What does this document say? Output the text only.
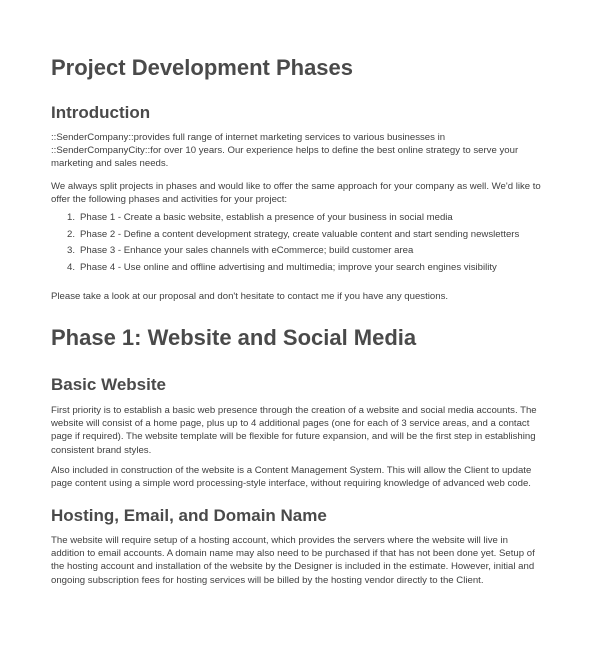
Project Development Phases
Introduction

::SenderCompany::provides full range of internet marketing services to various businesses in
::SenderCompanyCity::for over 10 years. Our experience helps to define the best online strategy to serve your
marketing and sales needs.

We always split projects in phases and would like to offer the same approach for your company as well. We'd like to
offer the following phases and activities for your project:

1. Phase 1 - Create a basic website, establish a presence of your business in social media
2. Phase 2 - Define a content development strategy, create valuable content and start sending newsletters
3. Phase 3 - Enhance your sales channels with eCommerce; build customer area
4. Phase 4 - Use online and offline advertising and multimedia; improve your search engines visibility

Please take a look at our proposal and don't hesitate to contact me if you have any questions.

Phase 1: Website and Social Media
Basic Website

First priority is to establish a basic web presence through the creation of a website and social media accounts. The
website will consist of a home page, plus up to 4 additional pages (one for each of 3 service areas, and a contact
page if required). The website template will be flexible for future expansion, and will be the first step in establishing
consistent brand styles.

Also included in construction of the website is a Content Management System. This will allow the Client to update
page content using a simple word processing-style interface, without requiring knowledge of advanced web code.

Hosting, Email, and Domain Name

The website will require setup of a hosting account, which provides the servers where the website will live in
addition to email accounts. A domain name may also need to be purchased if that has not been done yet. Setup of
the hosting account and installation of the website by the Designer is included in the estimate. However, initial and
ongoing subscription fees for hosting services will be billed by the hosting vendor directly to the Client.
